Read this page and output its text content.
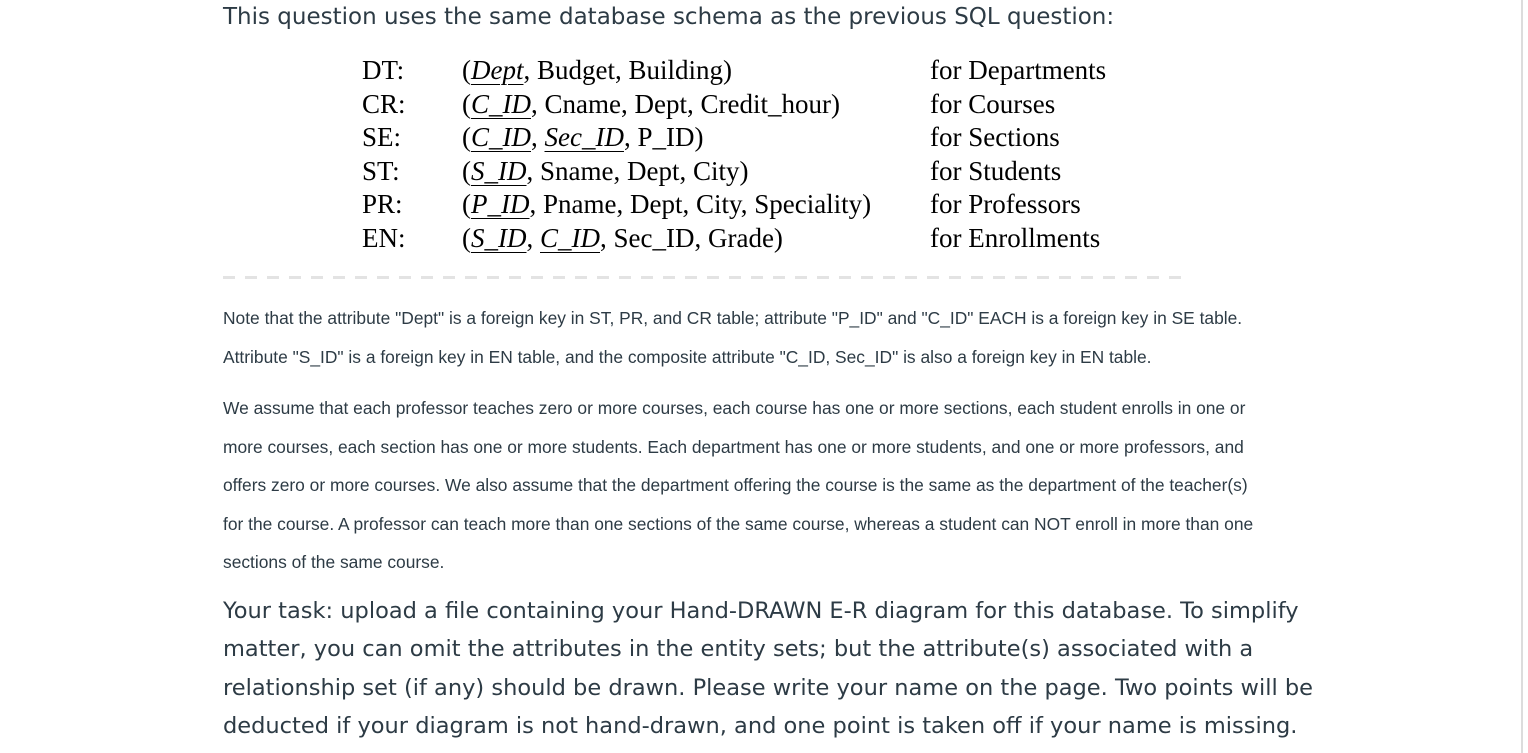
This question uses the same database schema as the previous SQL question:

DT: (Dept, Budget, Building)	for Departments
CR: (C_ID, Cname, Dept, Credit_hour)	for Courses
SE: (C_ID, Sec_ID, P_ID)	for Sections
ST: (S_ID, Sname, Dept, City)	for Students
PR: (P_ID, Pname, Dept, City, Speciality) for Professors
EN: (S_ID, C_ID, Sec_ID, Grade)	for Enrollments

Note that the attribute "Dept" is a foreign key in ST, PR, and CR table; attribute "P_ID" and "C_ID" EACH is a foreign key in SE table.
Attribute "S_ID" is a foreign key in EN table, and the composite attribute "C_ID, Sec_ID" is also a foreign key in EN table.

We assume that each professor teaches zero or more courses, each course has one or more sections, each student enrolls in one or
more courses, each section has one or more students. Each department has one or more students, and one or more professors, and
offers zero or more courses. We also assume that the department offering the course is the same as the department of the teacher(s)
for the course. A professor can teach more than one sections of the same course, whereas a student can NOT enroll in more than one
sections of the same course.

Your task: upload a file containing your Hand-DRAWN E-R diagram for this database. To simplify
matter, you can omit the attributes in the entity sets; but the attribute(s) associated with a
relationship set (if any) should be drawn. Please write your name on the page. Two points will be
deducted if your diagram is not hand-drawn, and one point is taken off if your name is missing.
